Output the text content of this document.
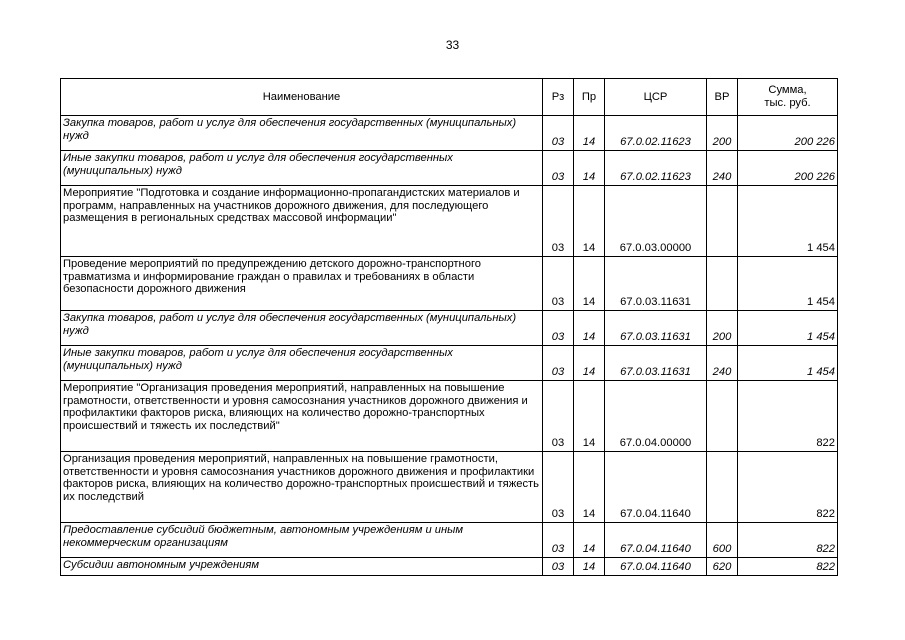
33
Наименование	Рз	Пр	ЦСР	ВР	Сумма,
тыс. руб.
Закупка товаров, работ и услуг для обеспечения государственных (муниципальных) нужд	03	14	67.0.02.11623	200	200 226
Иные закупки товаров, работ и услуг для обеспечения государственных (муниципальных) нужд	03	14	67.0.02.11623	240	200 226
Мероприятие "Подготовка и создание информационно-пропагандистских материалов и программ, направленных на участников дорожного движения, для последующего размещения в региональных средствах массовой информации"	03	14	67.0.03.00000		1 454
Проведение мероприятий по предупреждению детского дорожно-транспортного травматизма и информирование граждан о правилах и требованиях в области безопасности дорожного движения	03	14	67.0.03.11631		1 454
Закупка товаров, работ и услуг для обеспечения государственных (муниципальных) нужд	03	14	67.0.03.11631	200	1 454
Иные закупки товаров, работ и услуг для обеспечения государственных (муниципальных) нужд	03	14	67.0.03.11631	240	1 454
Мероприятие "Организация проведения мероприятий, направленных на повышение грамотности, ответственности и уровня самосознания участников дорожного движения и профилактики факторов риска, влияющих на количество дорожно-транспортных происшествий и тяжесть их последствий"	03	14	67.0.04.00000		822
Организация проведения мероприятий, направленных на повышение грамотности, ответственности и уровня самосознания участников дорожного движения и профилактики факторов риска, влияющих на количество дорожно-транспортных происшествий и тяжесть их последствий	03	14	67.0.04.11640		822
Предоставление субсидий бюджетным, автономным учреждениям и иным некоммерческим организациям	03	14	67.0.04.11640	600	822
Субсидии автономным учреждениям	03	14	67.0.04.11640	620	822
